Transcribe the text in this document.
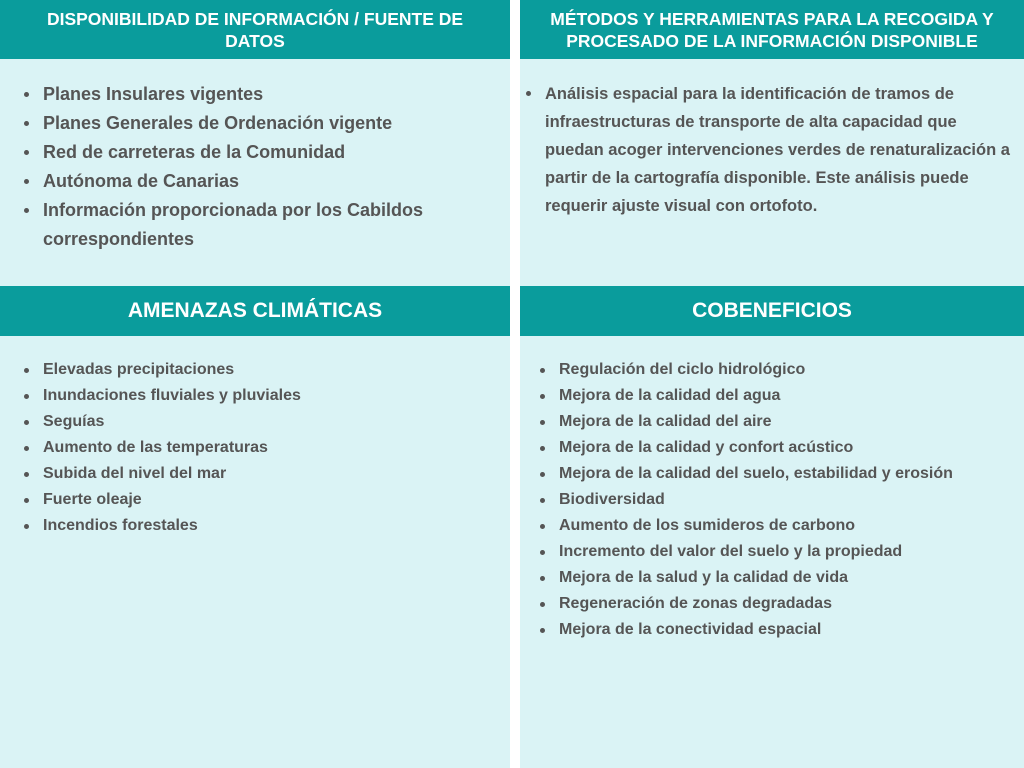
DISPONIBILIDAD DE INFORMACIÓN / FUENTE DE
DATOS
Planes Insulares vigentes
Planes Generales de Ordenación vigente
Red de carreteras de la Comunidad
Autónoma de Canarias
Información proporcionada por los Cabildos correspondientes
MÉTODOS Y HERRAMIENTAS PARA LA RECOGIDA Y
PROCESADO DE LA INFORMACIÓN DISPONIBLE
Análisis espacial para la identificación de tramos de infraestructuras de transporte de alta capacidad que puedan acoger intervenciones verdes de renaturalización a partir de la cartografía disponible. Este análisis puede requerir ajuste visual con ortofoto.
AMENAZAS CLIMÁTICAS
Elevadas precipitaciones
Inundaciones fluviales y pluviales
Seguías
Aumento de las temperaturas
Subida del nivel del mar
Fuerte oleaje
Incendios forestales
COBENEFICIOS
Regulación del ciclo hidrológico
Mejora de la calidad del agua
Mejora de la calidad del aire
Mejora de la calidad y confort acústico
Mejora de la calidad del suelo, estabilidad y erosión
Biodiversidad
Aumento de los sumideros de carbono
Incremento del valor del suelo y la propiedad
Mejora de la salud y la calidad de vida
Regeneración de zonas degradadas
Mejora de la conectividad espacial
